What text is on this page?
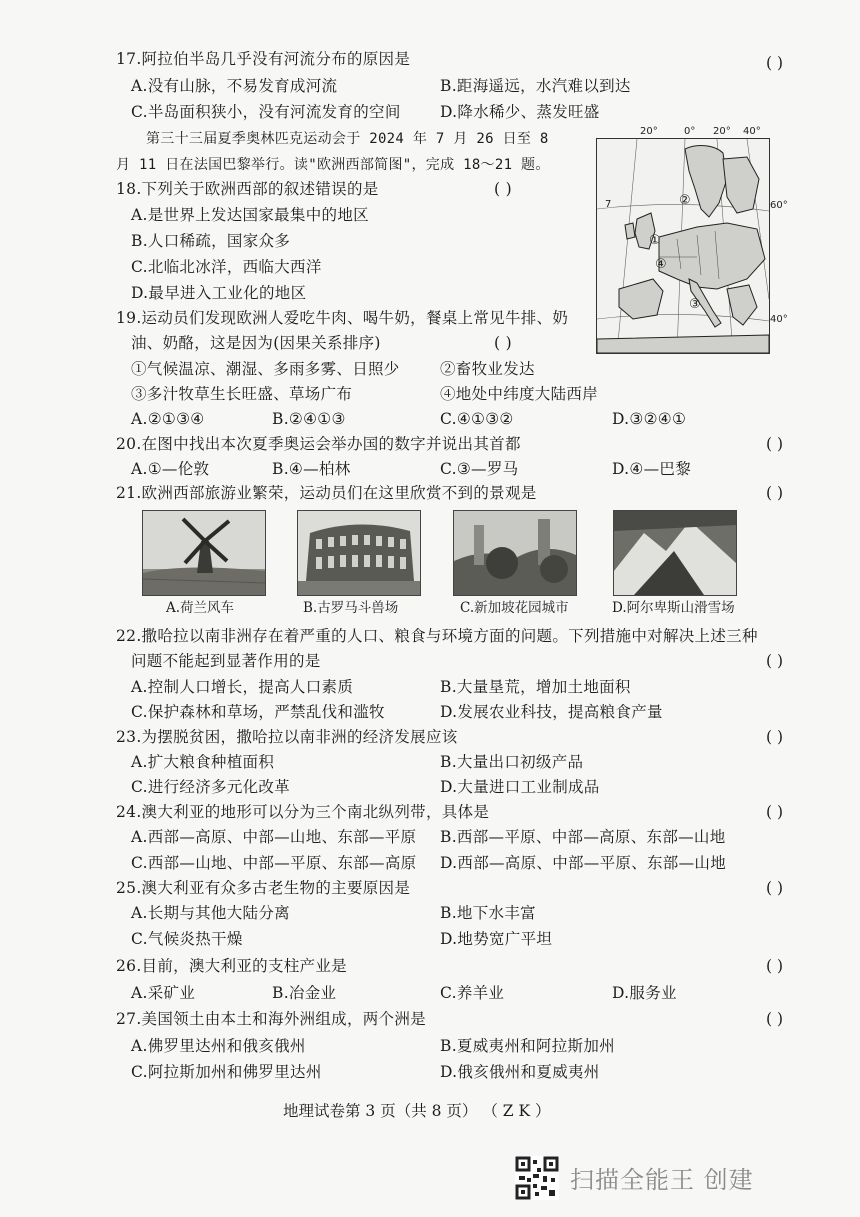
17.阿拉伯半岛几乎没有河流分布的原因是	( )
A.没有山脉，不易发育成河流	B.距海遥远，水汽难以到达
C.半岛面积狭小，没有河流发育的空间	D.降水稀少、蒸发旺盛
第三十三届夏季奥林匹克运动会于 2024 年 7 月 26 日至 8
月 11 日在法国巴黎举行。读"欧洲西部简图"，完成 18～21 题。
20°	0° 20° 40°
60°
40°
7	②
①
④
③
18.下列关于欧洲西部的叙述错误的是	( )
A.是世界上发达国家最集中的地区
B.人口稀疏，国家众多
C.北临北冰洋，西临大西洋
D.最早进入工业化的地区
19.运动员们发现欧洲人爱吃牛肉、喝牛奶，餐桌上常见牛排、奶
油、奶酪，这是因为(因果关系排序)	( )
①气候温凉、潮湿、多雨多雾、日照少	②畜牧业发达
③多汁牧草生长旺盛、草场广布	④地处中纬度大陆西岸
A.②①③④	B.②④①③	C.④①③②	D.③②④①
20.在图中找出本次夏季奥运会举办国的数字并说出其首都	( )
A.①—伦敦	B.④—柏林	C.③—罗马	D.④—巴黎
21.欧洲西部旅游业繁荣，运动员们在这里欣赏不到的景观是	( )
A.荷兰风车	B.古罗马斗兽场	C.新加坡花园城市	D.阿尔卑斯山滑雪场
22.撒哈拉以南非洲存在着严重的人口、粮食与环境方面的问题。下列措施中对解决上述三种
问题不能起到显著作用的是	( )
A.控制人口增长，提高人口素质	B.大量垦荒，增加土地面积
C.保护森林和草场，严禁乱伐和滥牧	D.发展农业科技，提高粮食产量
23.为摆脱贫困，撒哈拉以南非洲的经济发展应该	( )
A.扩大粮食种植面积	B.大量出口初级产品
C.进行经济多元化改革	D.大量进口工业制成品
24.澳大利亚的地形可以分为三个南北纵列带，具体是	( )
A.西部—高原、中部—山地、东部—平原 B.西部—平原、中部—高原、东部—山地
C.西部—山地、中部—平原、东部—高原 D.西部—高原、中部—平原、东部—山地
25.澳大利亚有众多古老生物的主要原因是	( )
A.长期与其他大陆分离	B.地下水丰富
C.气候炎热干燥	D.地势宽广平坦
26.目前，澳大利亚的支柱产业是	( )
A.采矿业	B.冶金业	C.养羊业	D.服务业
27.美国领土由本土和海外洲组成，两个洲是	( )
A.佛罗里达州和俄亥俄州	B.夏威夷州和阿拉斯加州
C.阿拉斯加州和佛罗里达州	D.俄亥俄州和夏威夷州
地理试卷第 3 页（共 8 页） （ Z K ）
扫描全能王 创建
